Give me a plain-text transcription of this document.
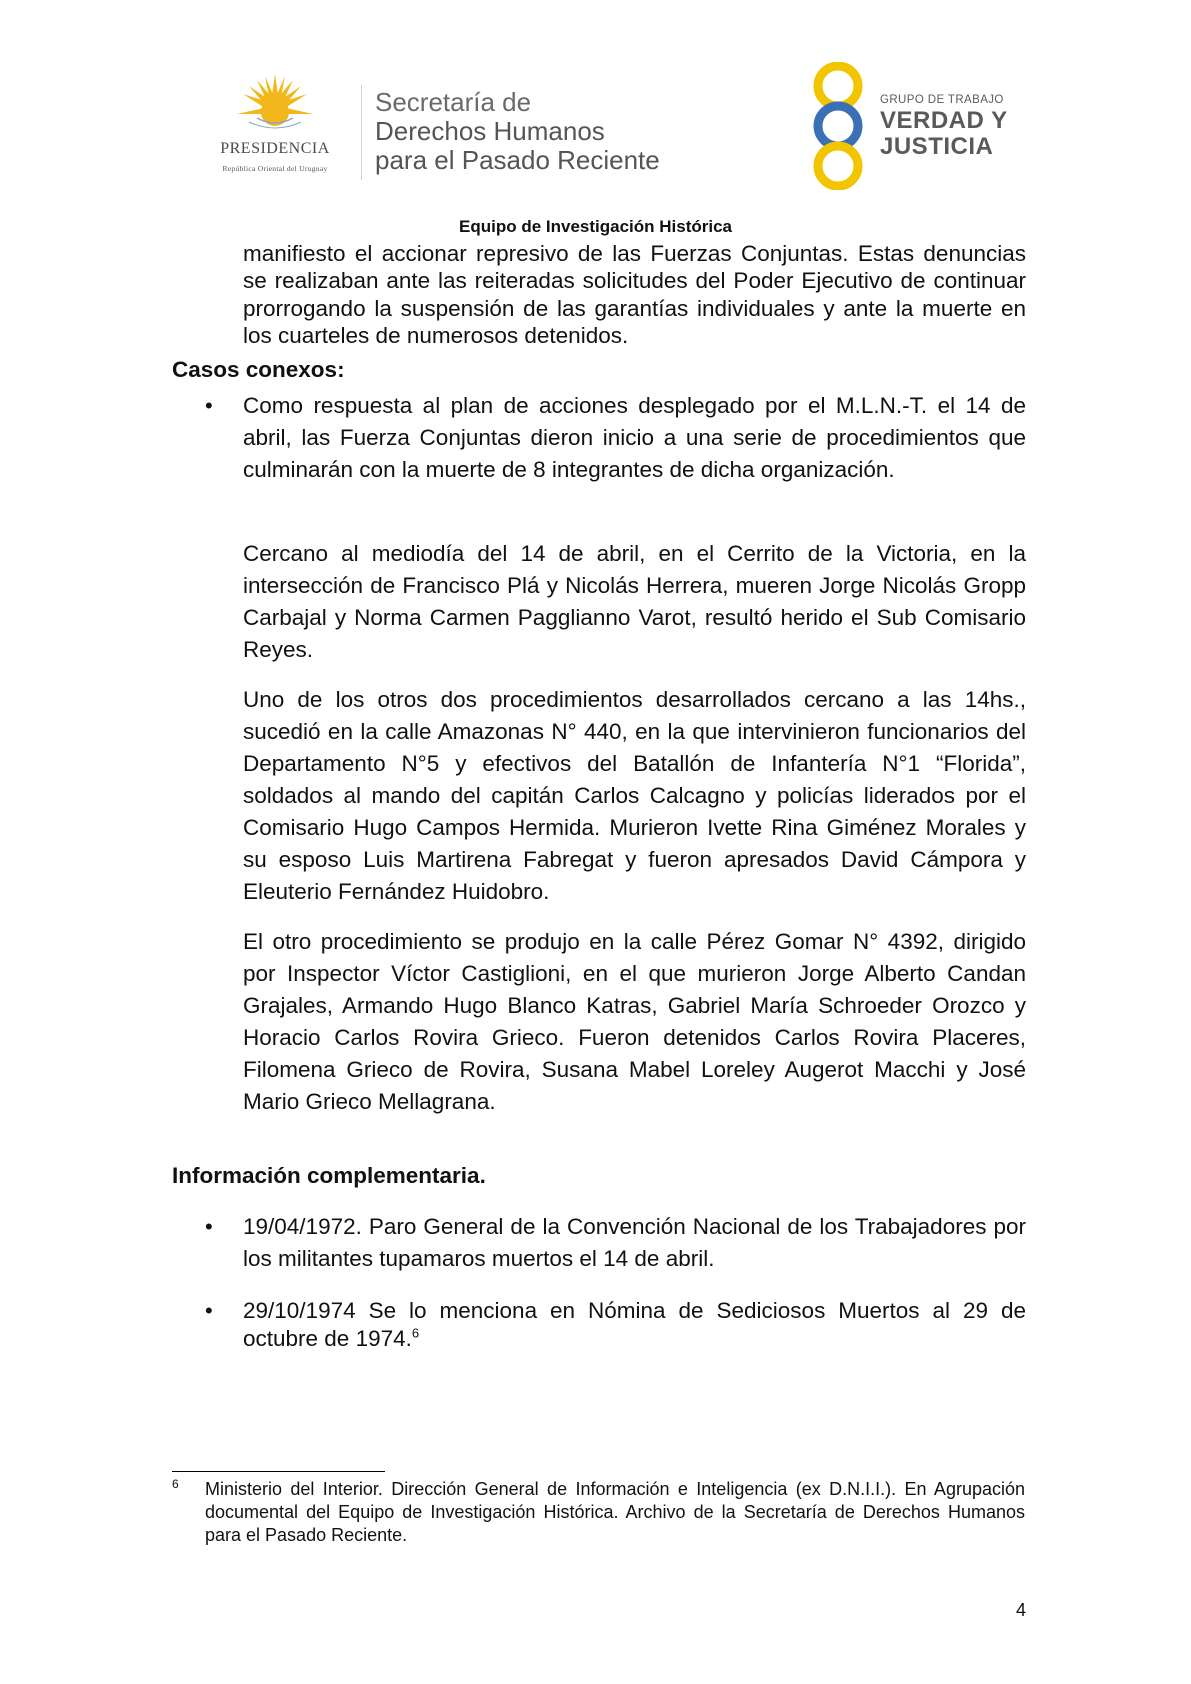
PRESIDENCIA
República Oriental del Uruguay
Secretaría de
Derechos Humanos
para el Pasado Reciente
GRUPO DE TRABAJO
VERDAD Y
JUSTICIA
Equipo de Investigación Histórica
manifiesto el accionar represivo de las Fuerzas Conjuntas. Estas denuncias se realizaban ante las reiteradas solicitudes del Poder Ejecutivo de continuar prorrogando la suspensión de las garantías individuales y ante la muerte en los cuarteles de numerosos detenidos.
Casos conexos:
• Como respuesta al plan de acciones desplegado por el M.L.N.-T. el 14 de abril, las Fuerza Conjuntas dieron inicio a una serie de procedimientos que culminarán con la muerte de 8 integrantes de dicha organización.
Cercano al mediodía del 14 de abril, en el Cerrito de la Victoria, en la intersección de Francisco Plá y Nicolás Herrera, mueren Jorge Nicolás Gropp Carbajal y Norma Carmen Pagglianno Varot, resultó herido el Sub Comisario Reyes.
Uno de los otros dos procedimientos desarrollados cercano a las 14hs., sucedió en la calle Amazonas N° 440, en la que intervinieron funcionarios del Departamento N°5 y efectivos del Batallón de Infantería N°1 “Florida”, soldados al mando del capitán Carlos Calcagno y policías liderados por el Comisario Hugo Campos Hermida. Murieron Ivette Rina Giménez Morales y su esposo Luis Martirena Fabregat y fueron apresados David Cámpora y Eleuterio Fernández Huidobro.
El otro procedimiento se produjo en la calle Pérez Gomar N° 4392, dirigido por Inspector Víctor Castiglioni, en el que murieron Jorge Alberto Candan Grajales, Armando Hugo Blanco Katras, Gabriel María Schroeder Orozco y Horacio Carlos Rovira Grieco. Fueron detenidos Carlos Rovira Placeres, Filomena Grieco de Rovira, Susana Mabel Loreley Augerot Macchi y José Mario Grieco Mellagrana.
Información complementaria.
• 19/04/1972. Paro General de la Convención Nacional de los Trabajadores por los militantes tupamaros muertos el 14 de abril.
• 29/10/1974 Se lo menciona en Nómina de Sediciosos Muertos al 29 de octubre de 1974.$^6$
6 Ministerio del Interior. Dirección General de Información e Inteligencia (ex D.N.I.I.). En Agrupación documental del Equipo de Investigación Histórica. Archivo de la Secretaría de Derechos Humanos para el Pasado Reciente.
4
